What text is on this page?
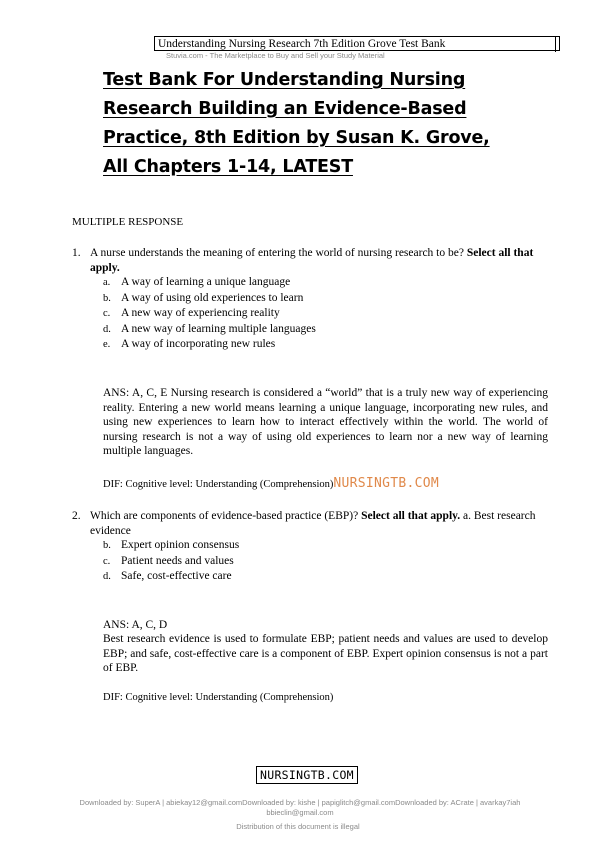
Understanding Nursing Research 7th Edition Grove Test Bank
Stuvia.com - The Marketplace to Buy and Sell your Study Material
Test Bank For Understanding Nursing
Research Building an Evidence-Based
Practice, 8th Edition by Susan K. Grove,
All Chapters 1-14, LATEST
MULTIPLE RESPONSE
1. A nurse understands the meaning of entering the world of nursing research to be? Select all that apply.
a. A way of learning a unique language
b. A way of using old experiences to learn
c. A new way of experiencing reality
d. A new way of learning multiple languages
e. A way of incorporating new rules
ANS: A, C, E Nursing research is considered a “world” that is a truly new way of experiencing reality. Entering a new world means learning a unique language, incorporating new rules, and using new experiences to learn how to interact effectively within the world. The world of nursing research is not a way of using old experiences to learn nor a new way of learning multiple languages.
DIF: Cognitive level: Understanding (Comprehension)NURSINGTB.COM
2. Which are components of evidence-based practice (EBP)? Select all that apply. a. Best research evidence
b. Expert opinion consensus
c. Patient needs and values
d. Safe, cost-effective care
ANS: A, C, D
Best research evidence is used to formulate EBP; patient needs and values are used to develop EBP; and safe, cost-effective care is a component of EBP. Expert opinion consensus is not a part of EBP.
DIF: Cognitive level: Understanding (Comprehension)
NURSINGTB.COM
Downloaded by: SuperA | abiekay12@gmail.comDownloaded by: kishe | papiglitch@gmail.comDownloaded by: ACrate | avarkay7iah bbieclin@gmail.com
Distribution of this document is illegal
